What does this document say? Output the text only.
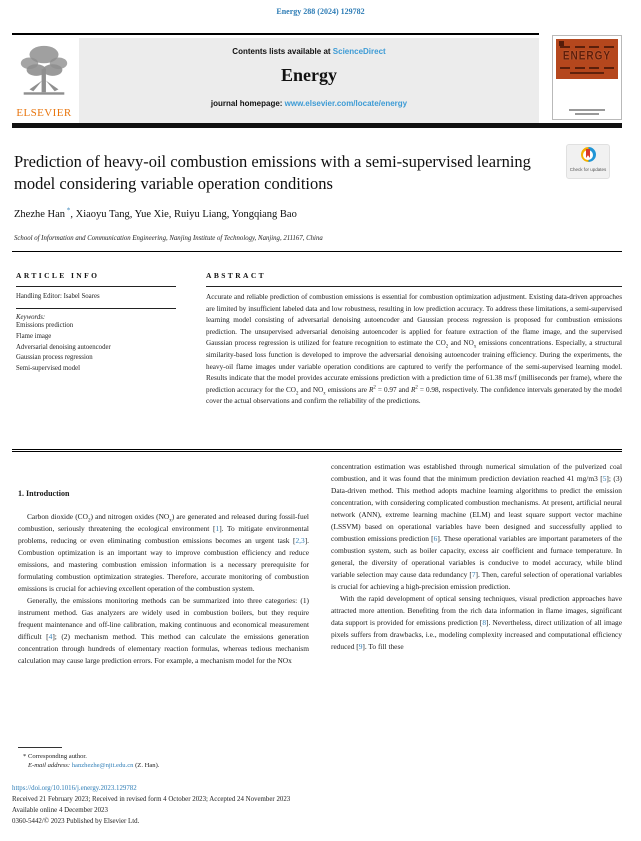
Energy 288 (2024) 129782
Contents lists available at ScienceDirect
Energy
journal homepage: www.elsevier.com/locate/energy
ELSEVIER
ENERGY
Prediction of heavy-oil combustion emissions with a semi-supervised learning model considering variable operation conditions
Check for updates
Zhezhe Han *, Xiaoyu Tang, Yue Xie, Ruiyu Liang, Yongqiang Bao
School of Information and Communication Engineering, Nanjing Institute of Technology, Nanjing, 211167, China
ARTICLE INFO
Handling Editor: Isabel Soares
Keywords:
Emissions prediction
Flame image
Adversarial denoising autoencoder
Gaussian process regression
Semi-supervised model
ABSTRACT
Accurate and reliable prediction of combustion emissions is essential for combustion optimization adjustment. Existing data-driven approaches are limited by insufficient labeled data and low robustness, resulting in low prediction accuracy. To address these limitations, a semi-supervised learning model consisting of adversarial denoising autoencoder and Gaussian process regression is proposed for combustion emissions prediction. The unsupervised adversarial denoising autoencoder is applied for feature extraction of the flame image, and the supervised Gaussian process regression is utilized for feature recognition to estimate the $CO_2$ and $NO_x$ emissions concentrations. Especially, a structural similarity-based loss function is developed to improve the adversarial denoising autoencoder training efficiency. During the experiments, the heavy-oil flame images under variable operation conditions are captured to verify the performance of the semi-supervised learning model. Results indicate that the model provides accurate emissions prediction with a prediction time of 61.38 ms/f (milliseconds per frame), where the prediction accuracy for the $CO_2$ and $NO_x$ emissions are $R^2 = 0.97$ and $R^2 = 0.98$, respectively. The confidence intervals generated by the model cover the actual observations and confirm the reliability of the predictions.
1. Introduction

Carbon dioxide $(CO_2)$ and nitrogen oxides $(NO_x)$ are generated and released during fossil-fuel combustion, seriously threatening the ecological environment [1]. To mitigate environmental problems, reducing or even eliminating combustion emissions becomes an urgent task [2,3]. Combustion optimization is an important way to improve combustion efficiency and reduce emissions, and mastering combustion emission information is a necessary prerequisite for formulating combustion optimization strategies. Therefore, accurate monitoring of combustion emissions is crucial for achieving excellent operation of the combustion system.

Generally, the emissions monitoring methods can be summarized into three categories: (1) instrument method. Gas analyzers are widely used in combustion boilers, but they require frequent maintenance and off-line calibration, making continuous and economical measurement difficult [4]; (2) mechanism method. This method can calculate the emissions generation concentration through hundreds of elementary reaction formulas, whereas tedious mechanism calculation may cause large prediction errors. For example, a mechanism model for the NOx

concentration estimation was established through numerical simulation of the pulverized coal combustion, and it was found that the minimum prediction deviation reached 41 mg/m3 [5]; (3) Data-driven method. This method adopts machine learning algorithms to predict the emission concentration, with considering complicated combustion mechanisms. At present, artificial neural network (ANN), extreme learning machine (ELM) and least square support vector machine (LSSVM) based on operational variables have been designed and successfully applied to combustion emissions prediction [6]. These operational variables are important parameters of the combustion system, such as boiler capacity, excess air coefficient and furnace temperature. In general, the diversity of operational variables is conducive to model accuracy, while blind variable selection may cause data redundancy [7]. Then, careful selection of operational variables is crucial for achieving a high-precision emission prediction.

With the rapid development of optical sensing techniques, visual prediction approaches have attracted more attention. Benefiting from the rich data information in flame images, significant data support is provided for emissions prediction [8]. Nevertheless, direct utilization of all image pixels suffers from drawbacks, i.e., modeling complexity increased and computational efficiency reduced [9]. To fill these

* Corresponding author.
E-mail address: hanzhezhe@njit.edu.cn (Z. Han).
https://doi.org/10.1016/j.energy.2023.129782
Received 21 February 2023; Received in revised form 4 October 2023; Accepted 24 November 2023
Available online 4 December 2023
0360-5442/© 2023 Published by Elsevier Ltd.
